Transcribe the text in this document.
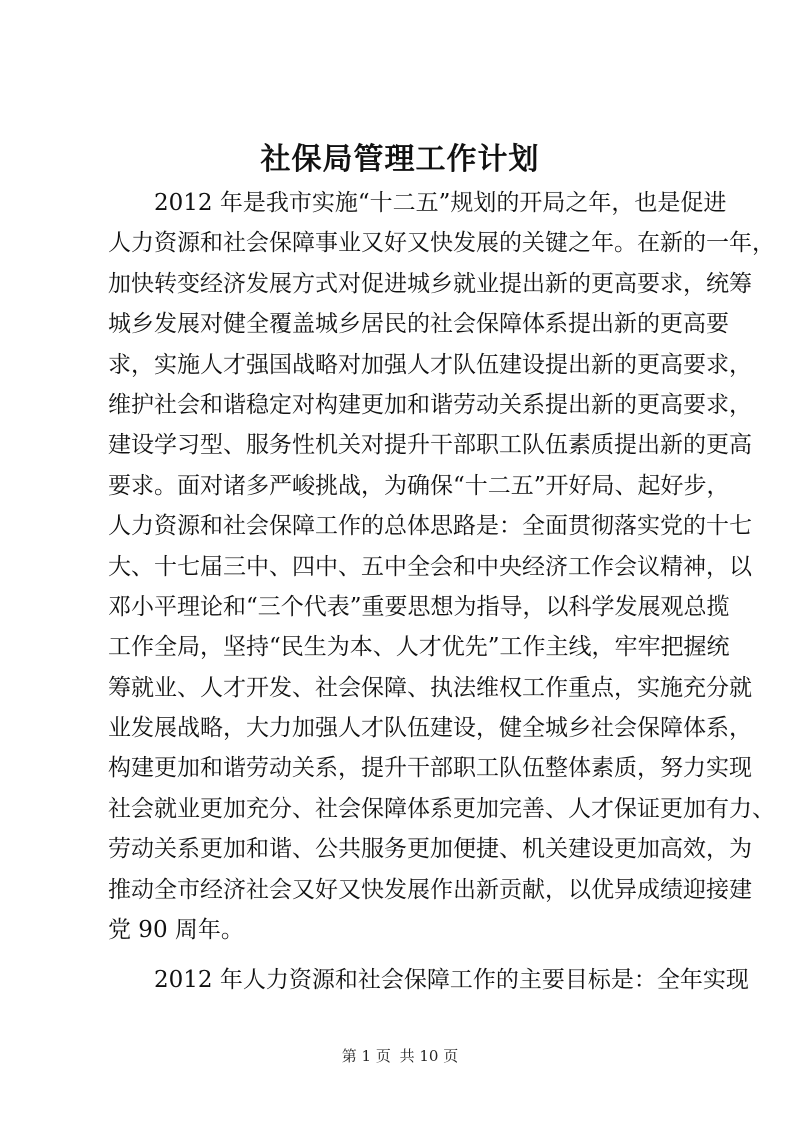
社保局管理工作计划
2012 年是我市实施“十二五”规划的开局之年，也是促进
人力资源和社会保障事业又好又快发展的关键之年。在新的一年，
加快转变经济发展方式对促进城乡就业提出新的更高要求，统筹
城乡发展对健全覆盖城乡居民的社会保障体系提出新的更高要
求，实施人才强国战略对加强人才队伍建设提出新的更高要求，
维护社会和谐稳定对构建更加和谐劳动关系提出新的更高要求，
建设学习型、服务性机关对提升干部职工队伍素质提出新的更高
要求。面对诸多严峻挑战，为确保“十二五”开好局、起好步，
人力资源和社会保障工作的总体思路是：全面贯彻落实党的十七
大、十七届三中、四中、五中全会和中央经济工作会议精神，以
邓小平理论和“三个代表”重要思想为指导，以科学发展观总揽
工作全局，坚持“民生为本、人才优先”工作主线，牢牢把握统
筹就业、人才开发、社会保障、执法维权工作重点，实施充分就
业发展战略，大力加强人才队伍建设，健全城乡社会保障体系，
构建更加和谐劳动关系，提升干部职工队伍整体素质，努力实现
社会就业更加充分、社会保障体系更加完善、人才保证更加有力、
劳动关系更加和谐、公共服务更加便捷、机关建设更加高效，为
推动全市经济社会又好又快发展作出新贡献，以优异成绩迎接建
党 90 周年。
2012 年人力资源和社会保障工作的主要目标是：全年实现
第 1 页 共 10 页
